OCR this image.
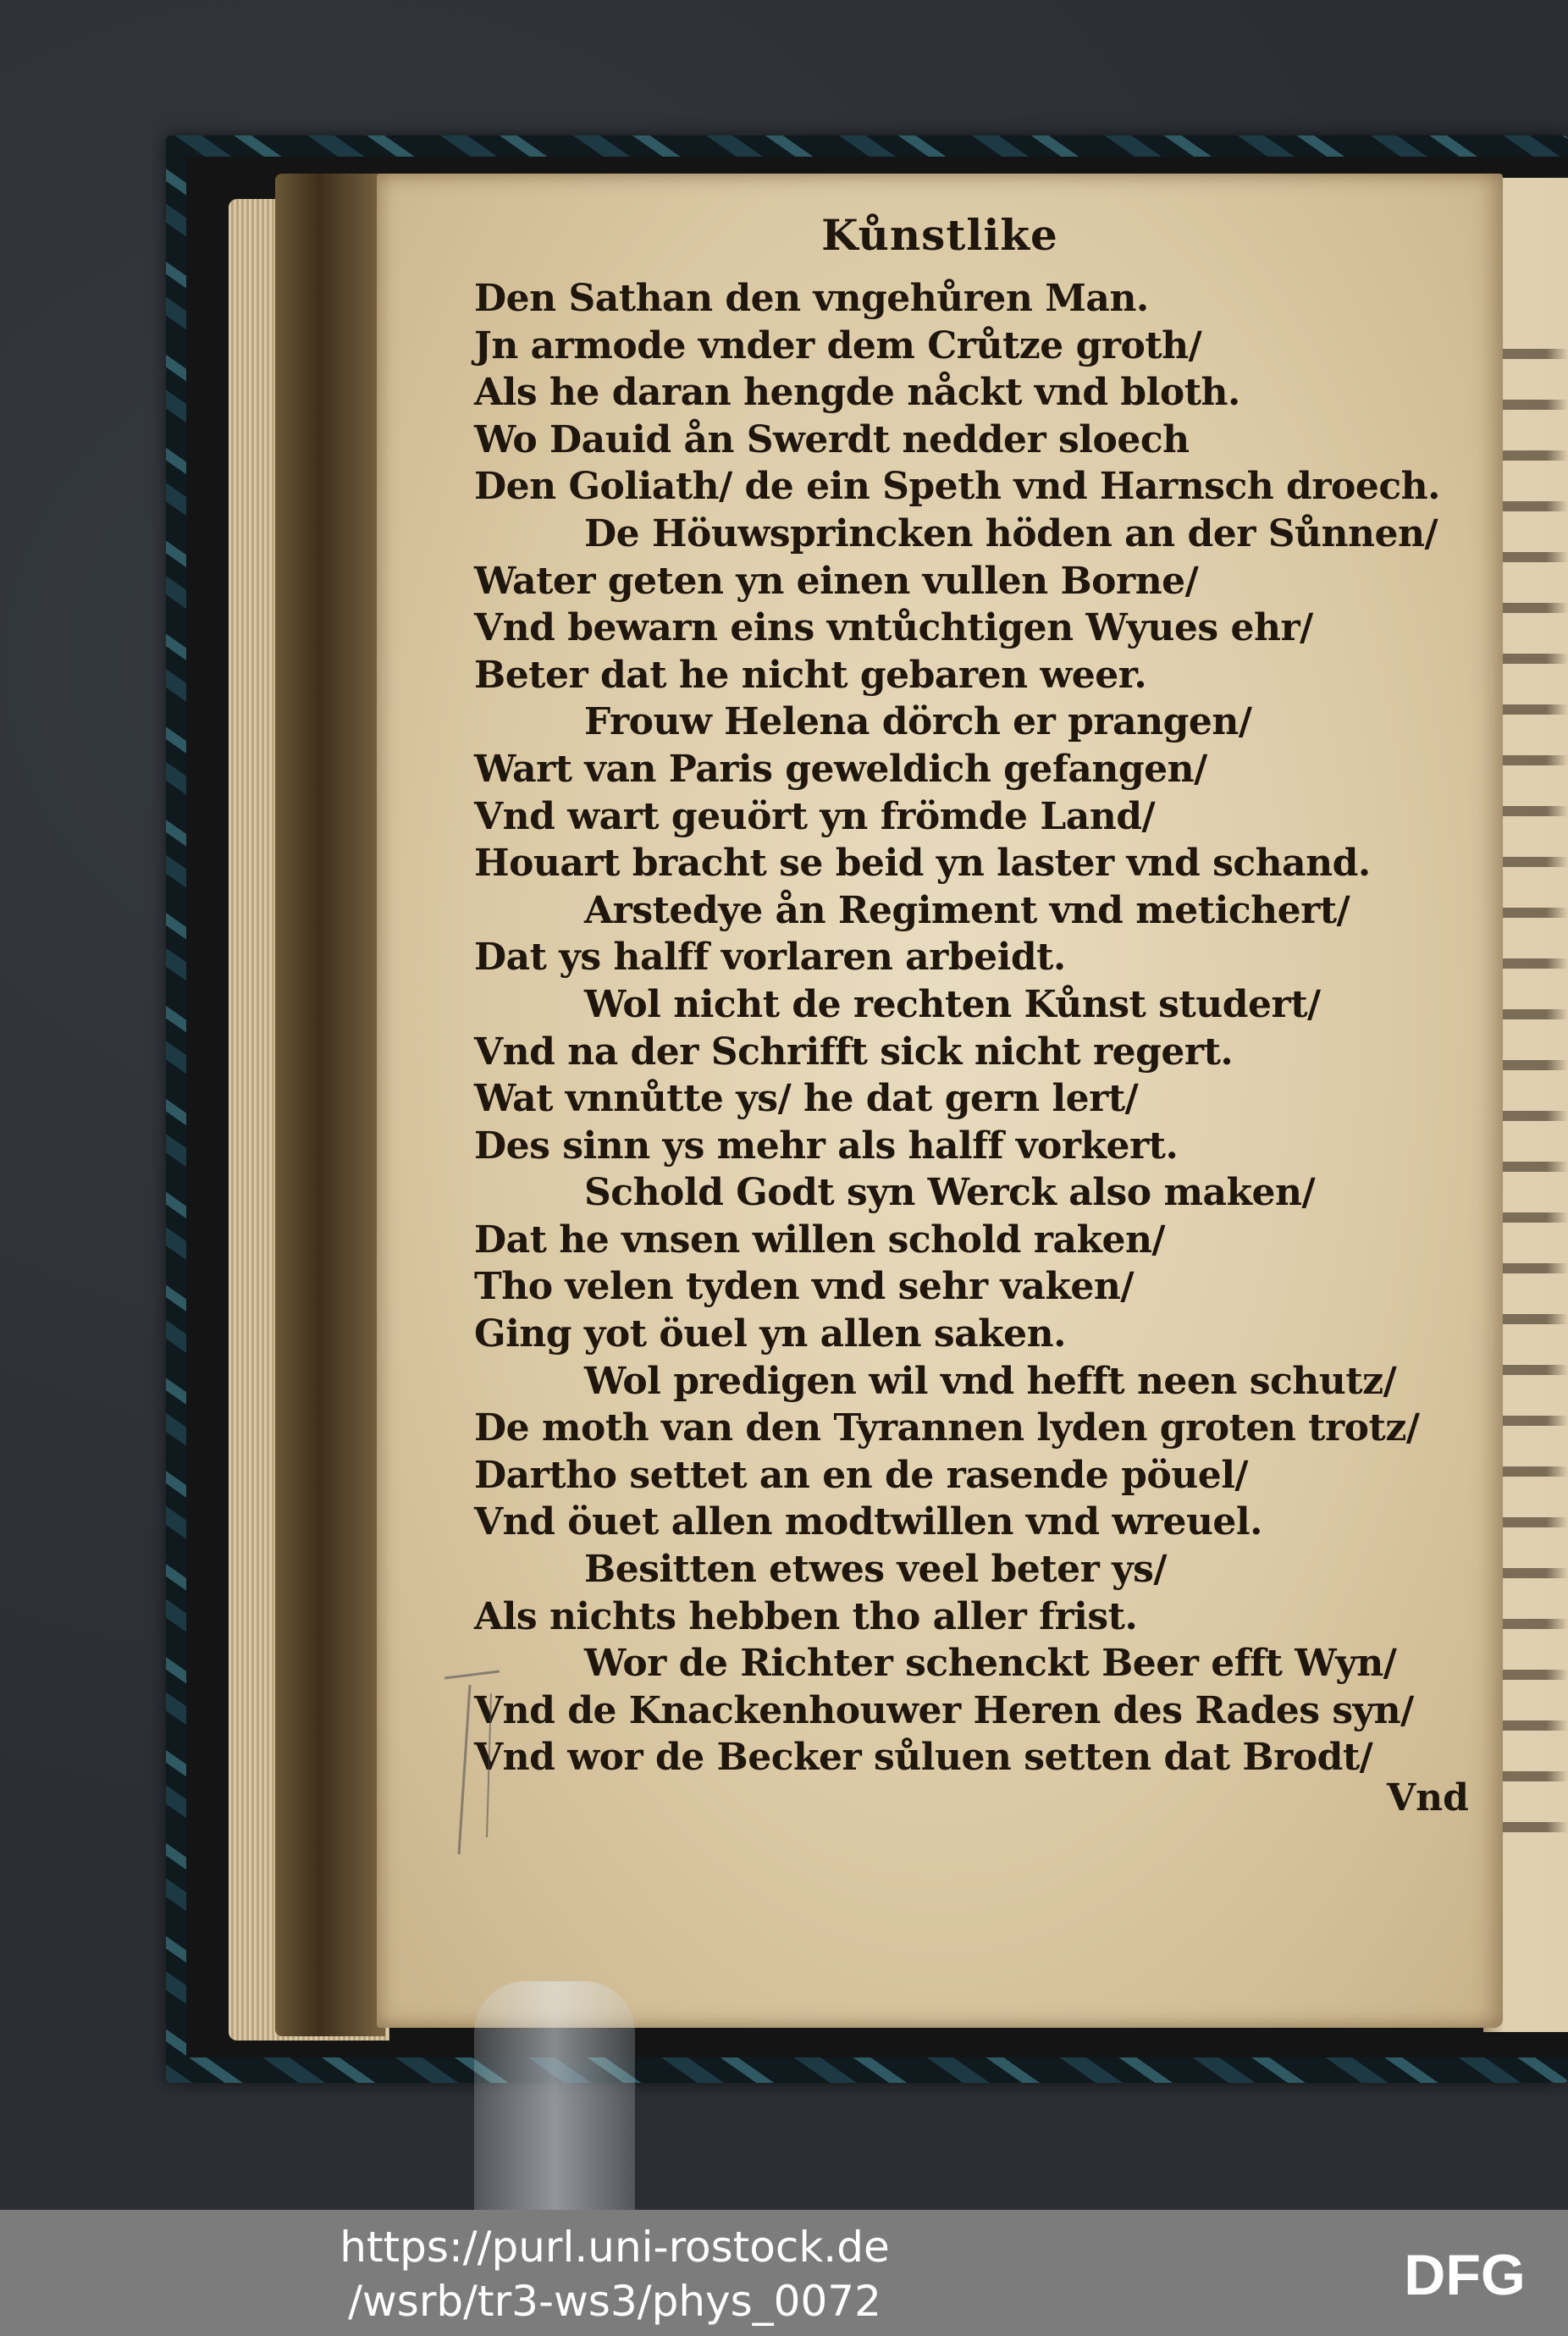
Kůnstlike
Den Sathan den vngehůren Man.
Jn armode vnder dem Crůtze groth/
Als he daran hengde nåckt vnd bloth.
Wo Dauid ån Swerdt nedder sloech
Den Goliath/ de ein Speth vnd Harnsch droech.
De Höuwsprincken höden an der Sůnnen/
Water geten yn einen vullen Borne/
Vnd bewarn eins vntůchtigen Wyues ehr/
Beter dat he nicht gebaren weer.
Frouw Helena dörch er prangen/
Wart van Paris geweldich gefangen/
Vnd wart geuört yn frömde Land/
Houart bracht se beid yn laster vnd schand.
Arstedye ån Regiment vnd metichert/
Dat ys halff vorlaren arbeidt.
Wol nicht de rechten Kůnst studert/
Vnd na der Schrifft sick nicht regert.
Wat vnnůtte ys/ he dat gern lert/
Des sinn ys mehr als halff vorkert.
Schold Godt syn Werck also maken/
Dat he vnsen willen schold raken/
Tho velen tyden vnd sehr vaken/
Ging yot öuel yn allen saken.
Wol predigen wil vnd hefft neen schutz/
De moth van den Tyrannen lyden groten trotz/
Dartho settet an en de rasende pöuel/
Vnd öuet allen modtwillen vnd wreuel.
Besitten etwes veel beter ys/
Als nichts hebben tho aller frist.
Wor de Richter schenckt Beer efft Wyn/
Vnd de Knackenhouwer Heren des Rades syn/
Vnd wor de Becker sůluen setten dat Brodt/
Vnd
https://purl.uni-rostock.de
/wsrb/tr3-ws3/phys_0072	DFG
